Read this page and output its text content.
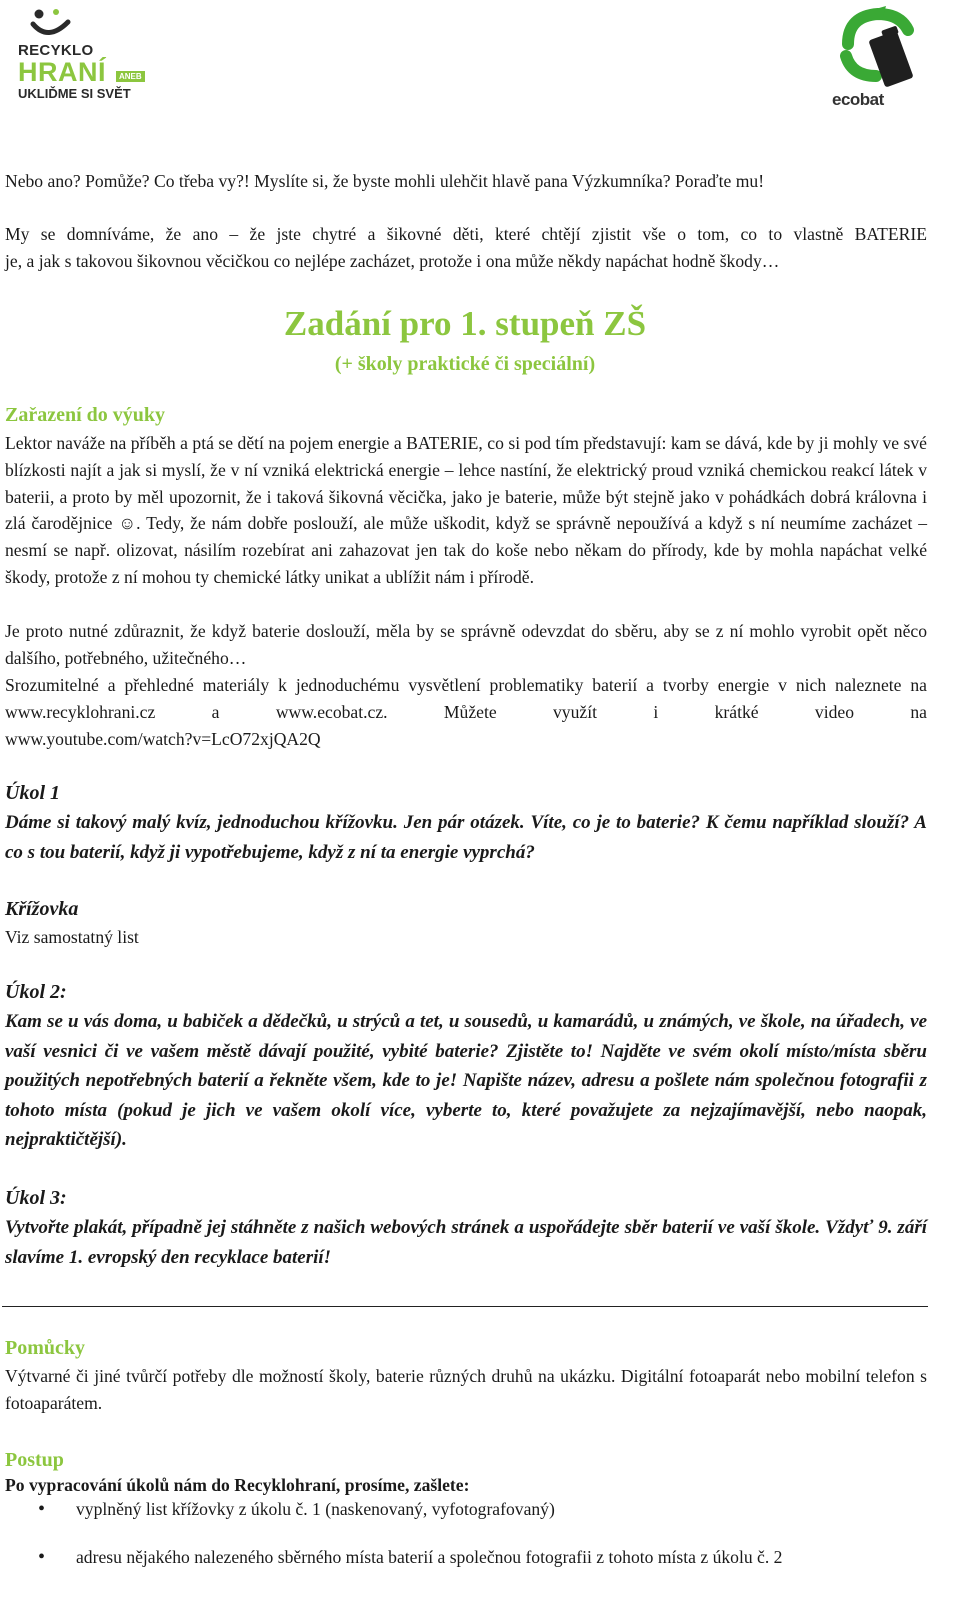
RECYKLO
HRANÍ	ANEB
UKLIĎME SI SVĚT	ecobat

Nebo ano? Pomůže? Co třeba vy?! Myslíte si, že byste mohli ulehčit hlavě pana Výzkumníka? Poraďte mu!

My se domníváme, že ano – že jste chytré a šikovné děti, které chtějí zjistit vše o tom, co to vlastně BATERIE

je, a jak s takovou šikovnou věcičkou co nejlépe zacházet, protože i ona může někdy napáchat hodně škody…

Zadání pro 1. stupeň ZŠ
(+ školy praktické či speciální)
Zařazení do výuky

Lektor naváže na příběh a ptá se dětí na pojem energie a BATERIE, co si pod tím představují: kam se dává, kde by ji mohly ve své blízkosti najít a jak si myslí, že v ní vzniká elektrická energie – lehce nastíní, že elektrický proud vzniká chemickou reakcí látek v baterii, a proto by měl upozornit, že i taková šikovná věcička, jako je baterie, může být stejně jako v pohádkách dobrá královna i zlá čarodějnice ☺. Tedy, že nám dobře poslouží, ale může uškodit, když se správně nepoužívá a když s ní neumíme zacházet – nesmí se např. olizovat, násilím rozebírat ani zahazovat jen tak do koše nebo někam do přírody, kde by mohla napáchat velké škody, protože z ní mohou ty chemické látky unikat a ublížit nám i přírodě.

Je proto nutné zdůraznit, že když baterie doslouží, měla by se správně odevzdat do sběru, aby se z ní mohlo vyrobit opět něco dalšího, potřebného, užitečného…

Srozumitelné a přehledné materiály k jednoduchému vysvětlení problematiky baterií a tvorby energie v nich naleznete na www.recyklohrani.cz a www.ecobat.cz. Můžete využít i krátké video na

www.youtube.com/watch?v=LcO72xjQA2Q

Úkol 1

Dáme si takový malý kvíz, jednoduchou křížovku. Jen pár otázek. Víte, co je to baterie? K čemu například slouží? A co s tou baterií, když ji vypotřebujeme, když z ní ta energie vyprchá?

Křížovka

Viz samostatný list

Úkol 2:

Kam se u vás doma, u babiček a dědečků, u strýců a tet, u sousedů, u kamarádů, u známých, ve škole, na úřadech, ve vaší vesnici či ve vašem městě dávají použité, vybité baterie? Zjistěte to! Najděte ve svém okolí místo/místa sběru použitých nepotřebných baterií a řekněte všem, kde to je! Napište název, adresu a pošlete nám společnou fotografii z tohoto místa (pokud je jich ve vašem okolí více, vyberte to, které považujete za nejzajímavější, nebo naopak, nejpraktičtější).

Úkol 3:

Vytvořte plakát, případně jej stáhněte z našich webových stránek a uspořádejte sběr baterií ve vaší škole. Vždyť 9. září slavíme 1. evropský den recyklace baterií!

Pomůcky

Výtvarné či jiné tvůrčí potřeby dle možností školy, baterie různých druhů na ukázku. Digitální fotoaparát nebo mobilní telefon s fotoaparátem.

Postup

Po vypracování úkolů nám do Recyklohraní, prosíme, zašlete:

• vyplněný list křížovky z úkolu č. 1 (naskenovaný, vyfotografovaný)
• adresu nějakého nalezeného sběrného místa baterií a společnou fotografii z tohoto místa z úkolu č. 2
